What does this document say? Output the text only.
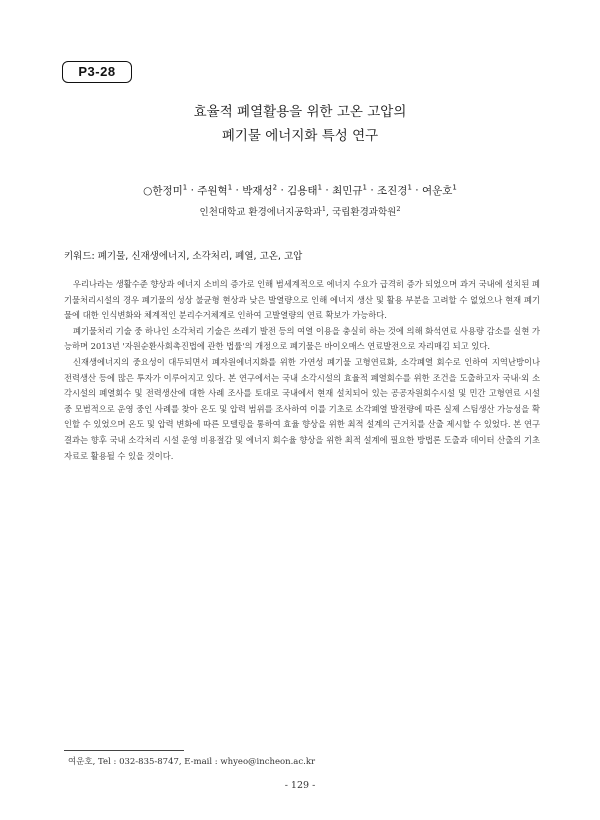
P3-28
효율적 폐열활용을 위한 고온 고압의
폐기물 에너지화 특성 연구
○한정미$^1$ · 주원혁$^1$ · 박재성$^2$ · 김용태$^1$ · 최민규$^1$ · 조진경$^1$ · 여운호$^1$
인천대학교 환경에너지공학과$^1$, 국립환경과학원$^2$
키워드: 폐기물, 신재생에너지, 소각처리, 폐열, 고온, 고압

우리나라는 생활수준 향상과 에너지 소비의 증가로 인해 범세계적으로 에너지 수요가 급격히 증가 되었으며 과거 국내에 설치된 폐기물처리시설의 경우 폐기물의 성상 불균형 현상과 낮은 발열량으로 인해 에너지 생산 및 활용 부분을 고려할 수 없었으나 현재 폐기물에 대한 인식변화와 체계적인 분리수거체계로 인하여 고발열량의 연료 확보가 가능하다.

폐기물처리 기술 중 하나인 소각처리 기술은 쓰레기 발전 등의 여열 이용을 충실히 하는 것에 의해 화석연료 사용량 감소를 실현 가능하며 2013년 '자원순환사회촉진법에 관한 법률'의 개정으로 폐기물은 바이오매스 연료발전으로 자리매김 되고 있다.

신재생에너지의 중요성이 대두되면서 폐자원에너지화를 위한 가연성 폐기물 고형연료화, 소각폐열 회수로 인하여 지역난방이나 전력생산 등에 많은 투자가 이루어지고 있다. 본 연구에서는 국내 소각시설의 효율적 폐열회수를 위한 조건을 도출하고자 국내·외 소각시설의 폐열회수 및 전력생산에 대한 사례 조사를 토대로 국내에서 현재 설치되어 있는 공공자원회수시설 및 민간 고형연료 시설 중 모범적으로 운영 중인 사례를 찾아 온도 및 압력 범위를 조사하여 이를 기초로 소각폐열 발전량에 따른 실제 스팀생산 가능성을 확인할 수 있었으며 온도 및 압력 변화에 따른 모델링을 통하여 효율 향상을 위한 최적 설계의 근거치를 산출 제시할 수 있었다. 본 연구결과는 향후 국내 소각처리 시설 운영 비용절감 및 에너지 회수율 향상을 위한 최적 설계에 필요한 방법론 도출과 데이터 산출의 기초자료로 활용될 수 있을 것이다.

여운호, Tel : 032-835-8747, E-mail : whyeo@incheon.ac.kr
- 129 -
